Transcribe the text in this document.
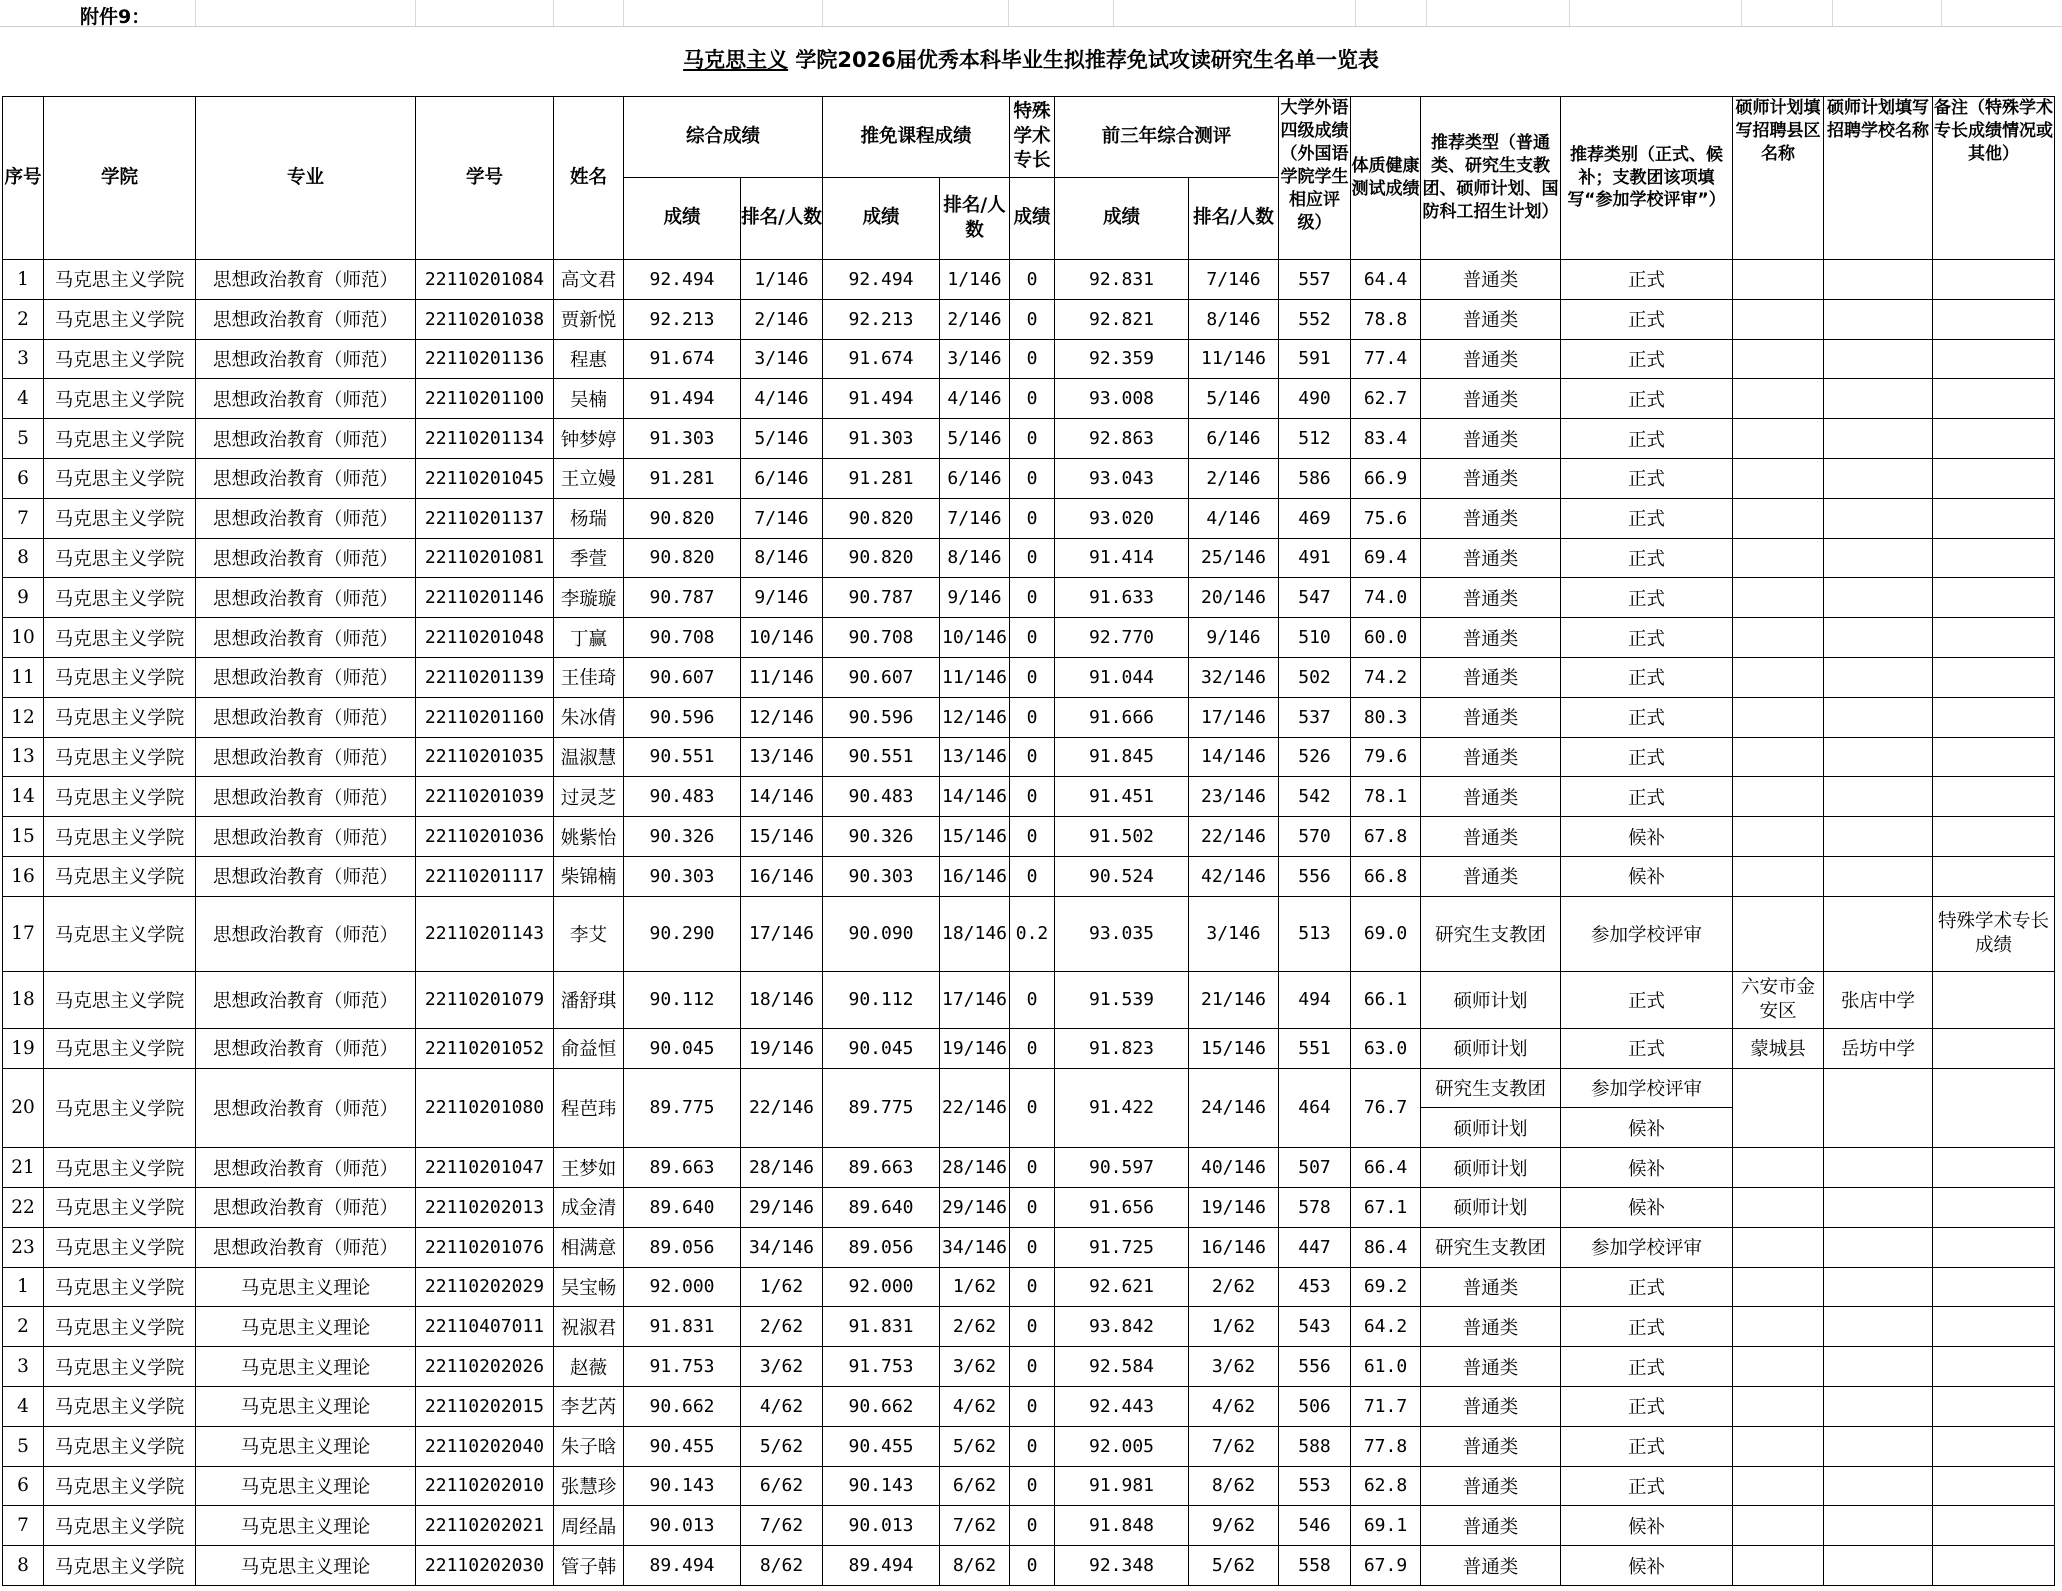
附件9：
马克思主义 学院2026届优秀本科毕业生拟推荐免试攻读研究生名单一览表
序号	学院	专业	学号	姓名	综合成绩		推免课程成绩		特殊学术专长	前三年综合测评		大学外语四级成绩（外国语学院学生相应评级）	体质健康测试成绩	推荐类型（普通类、研究生支教团、硕师计划、国防科工招生计划）	推荐类别（正式、候补；支教团该项填写“参加学校评审”）	硕师计划填写招聘县区名称	硕师计划填写招聘学校名称	备注（特殊学术专长成绩情况或其他）
					成绩	排名/人数	成绩	排名/人数	成绩	成绩	排名/人数							
1	马克思主义学院	思想政治教育（师范）	22110201084	高文君	92.494	1/146	92.494	1/146	0	92.831	7/146	557	64.4	普通类	正式			
2	马克思主义学院	思想政治教育（师范）	22110201038	贾新悦	92.213	2/146	92.213	2/146	0	92.821	8/146	552	78.8	普通类	正式			
3	马克思主义学院	思想政治教育（师范）	22110201136	程惠	91.674	3/146	91.674	3/146	0	92.359	11/146	591	77.4	普通类	正式			
4	马克思主义学院	思想政治教育（师范）	22110201100	吴楠	91.494	4/146	91.494	4/146	0	93.008	5/146	490	62.7	普通类	正式			
5	马克思主义学院	思想政治教育（师范）	22110201134	钟梦婷	91.303	5/146	91.303	5/146	0	92.863	6/146	512	83.4	普通类	正式			
6	马克思主义学院	思想政治教育（师范）	22110201045	王立嫚	91.281	6/146	91.281	6/146	0	93.043	2/146	586	66.9	普通类	正式			
7	马克思主义学院	思想政治教育（师范）	22110201137	杨瑞	90.820	7/146	90.820	7/146	0	93.020	4/146	469	75.6	普通类	正式			
8	马克思主义学院	思想政治教育（师范）	22110201081	季萱	90.820	8/146	90.820	8/146	0	91.414	25/146	491	69.4	普通类	正式			
9	马克思主义学院	思想政治教育（师范）	22110201146	李璇璇	90.787	9/146	90.787	9/146	0	91.633	20/146	547	74.0	普通类	正式			
10	马克思主义学院	思想政治教育（师范）	22110201048	丁赢	90.708	10/146	90.708	10/146	0	92.770	9/146	510	60.0	普通类	正式			
11	马克思主义学院	思想政治教育（师范）	22110201139	王佳琦	90.607	11/146	90.607	11/146	0	91.044	32/146	502	74.2	普通类	正式			
12	马克思主义学院	思想政治教育（师范）	22110201160	朱冰倩	90.596	12/146	90.596	12/146	0	91.666	17/146	537	80.3	普通类	正式			
13	马克思主义学院	思想政治教育（师范）	22110201035	温淑慧	90.551	13/146	90.551	13/146	0	91.845	14/146	526	79.6	普通类	正式			
14	马克思主义学院	思想政治教育（师范）	22110201039	过灵芝	90.483	14/146	90.483	14/146	0	91.451	23/146	542	78.1	普通类	正式			
15	马克思主义学院	思想政治教育（师范）	22110201036	姚紫怡	90.326	15/146	90.326	15/146	0	91.502	22/146	570	67.8	普通类	候补			
16	马克思主义学院	思想政治教育（师范）	22110201117	柴锦楠	90.303	16/146	90.303	16/146	0	90.524	42/146	556	66.8	普通类	候补			
17	马克思主义学院	思想政治教育（师范）	22110201143	李艾	90.290	17/146	90.090	18/146	0.2	93.035	3/146	513	69.0	研究生支教团	参加学校评审			特殊学术专长成绩
18	马克思主义学院	思想政治教育（师范）	22110201079	潘舒琪	90.112	18/146	90.112	17/146	0	91.539	21/146	494	66.1	硕师计划	正式	六安市金安区	张店中学	
19	马克思主义学院	思想政治教育（师范）	22110201052	俞益恒	90.045	19/146	90.045	19/146	0	91.823	15/146	551	63.0	硕师计划	正式	蒙城县	岳坊中学	
20	马克思主义学院	思想政治教育（师范）	22110201080	程芭玮	89.775	22/146	89.775	22/146	0	91.422	24/146	464	76.7	研究生支教团	参加学校评审			
														硕师计划	候补			
21	马克思主义学院	思想政治教育（师范）	22110201047	王梦如	89.663	28/146	89.663	28/146	0	90.597	40/146	507	66.4	硕师计划	候补			
22	马克思主义学院	思想政治教育（师范）	22110202013	成金清	89.640	29/146	89.640	29/146	0	91.656	19/146	578	67.1	硕师计划	候补			
23	马克思主义学院	思想政治教育（师范）	22110201076	相满意	89.056	34/146	89.056	34/146	0	91.725	16/146	447	86.4	研究生支教团	参加学校评审			
1	马克思主义学院	马克思主义理论	22110202029	吴宝畅	92.000	1/62	92.000	1/62	0	92.621	2/62	453	69.2	普通类	正式			
2	马克思主义学院	马克思主义理论	22110407011	祝淑君	91.831	2/62	91.831	2/62	0	93.842	1/62	543	64.2	普通类	正式			
3	马克思主义学院	马克思主义理论	22110202026	赵薇	91.753	3/62	91.753	3/62	0	92.584	3/62	556	61.0	普通类	正式			
4	马克思主义学院	马克思主义理论	22110202015	李艺芮	90.662	4/62	90.662	4/62	0	92.443	4/62	506	71.7	普通类	正式			
5	马克思主义学院	马克思主义理论	22110202040	朱子晗	90.455	5/62	90.455	5/62	0	92.005	7/62	588	77.8	普通类	正式			
6	马克思主义学院	马克思主义理论	22110202010	张慧珍	90.143	6/62	90.143	6/62	0	91.981	8/62	553	62.8	普通类	正式			
7	马克思主义学院	马克思主义理论	22110202021	周经晶	90.013	7/62	90.013	7/62	0	91.848	9/62	546	69.1	普通类	候补			
8	马克思主义学院	马克思主义理论	22110202030	管子韩	89.494	8/62	89.494	8/62	0	92.348	5/62	558	67.9	普通类	候补			
